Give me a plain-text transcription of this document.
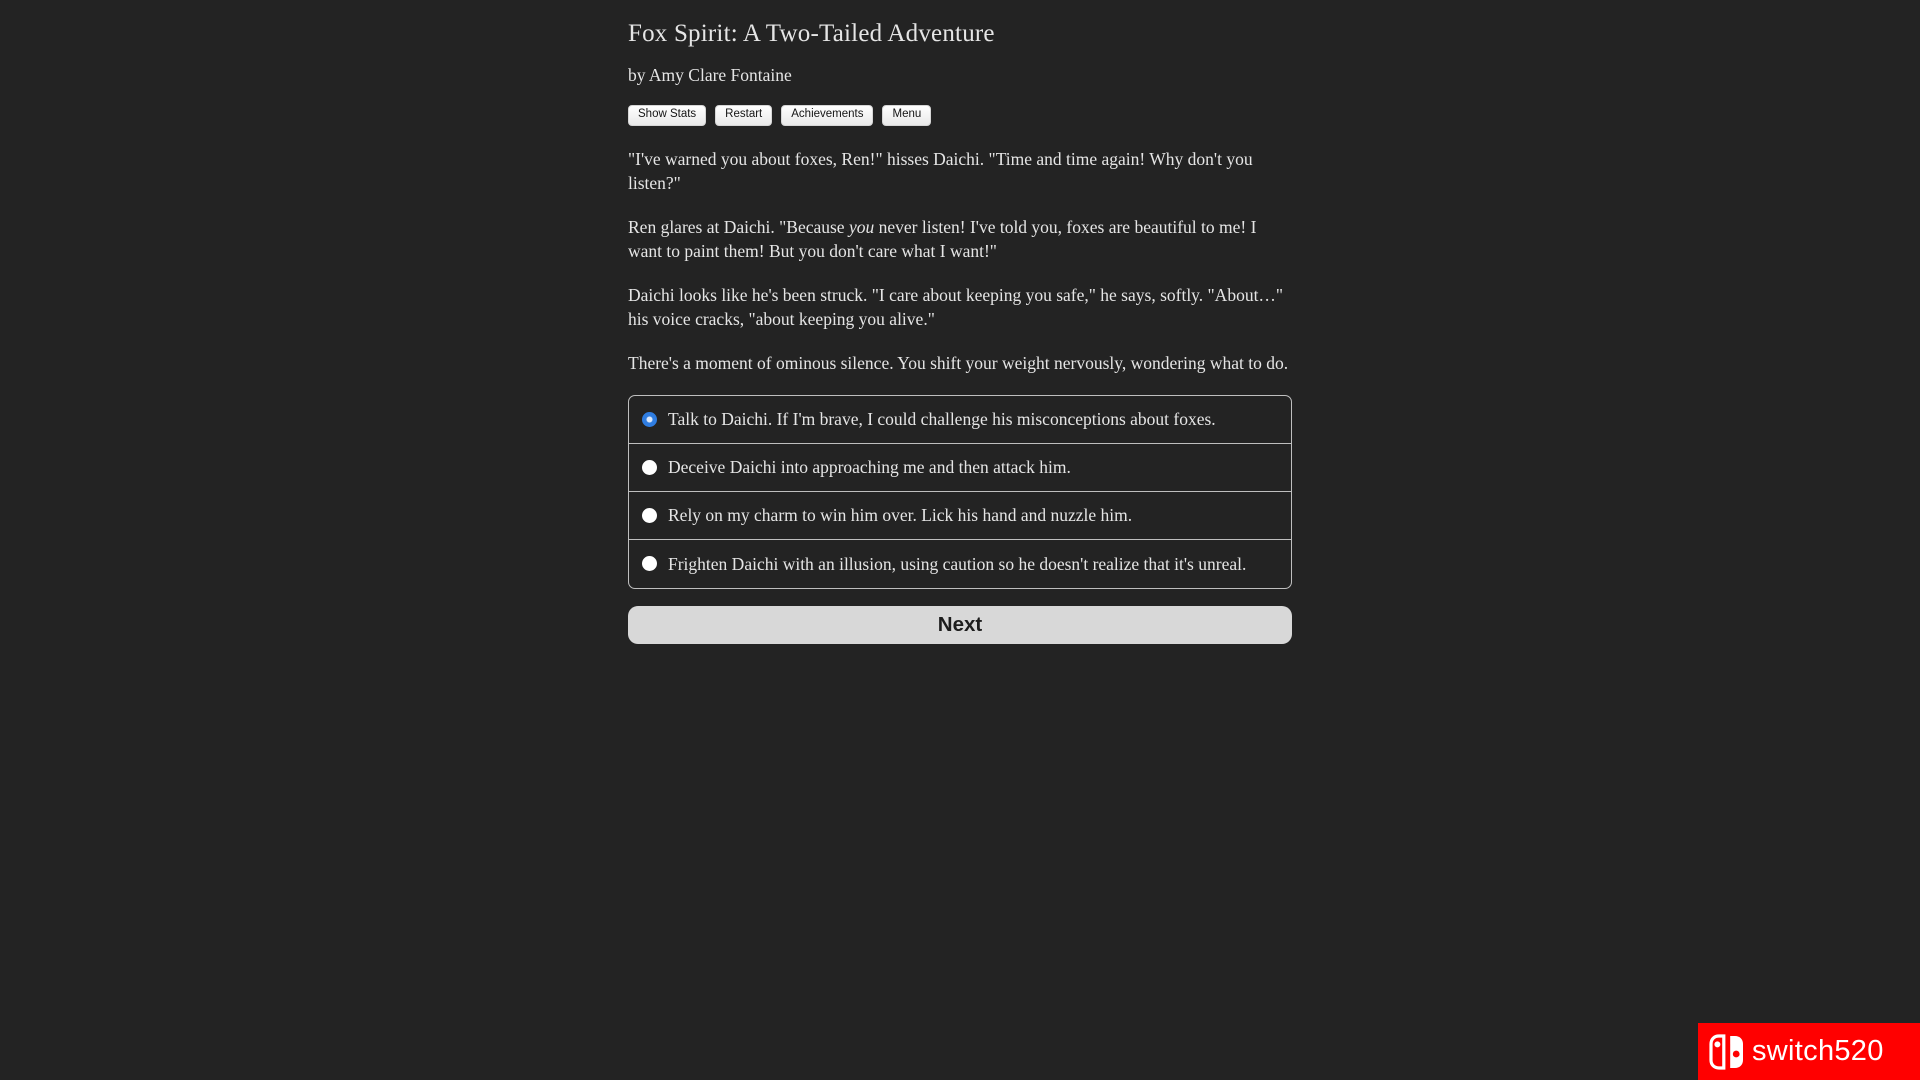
Fox Spirit: A Two-Tailed Adventure
by Amy Clare Fontaine
Show Stats	Restart	Achievements	Menu

"I've warned you about foxes, Ren!" hisses Daichi. "Time and time again! Why don't you listen?"

Ren glares at Daichi. "Because you never listen! I've told you, foxes are beautiful to me! I want to paint them! But you don't care what I want!"

Daichi looks like he's been struck. "I care about keeping you safe," he says, softly. "About…" his voice cracks, "about keeping you alive."

There's a moment of ominous silence. You shift your weight nervously, wondering what to do.

Talk to Daichi. If I'm brave, I could challenge his misconceptions about foxes.
Deceive Daichi into approaching me and then attack him.
Rely on my charm to win him over. Lick his hand and nuzzle him.
Frighten Daichi with an illusion, using caution so he doesn't realize that it's unreal.
Next
switch520
